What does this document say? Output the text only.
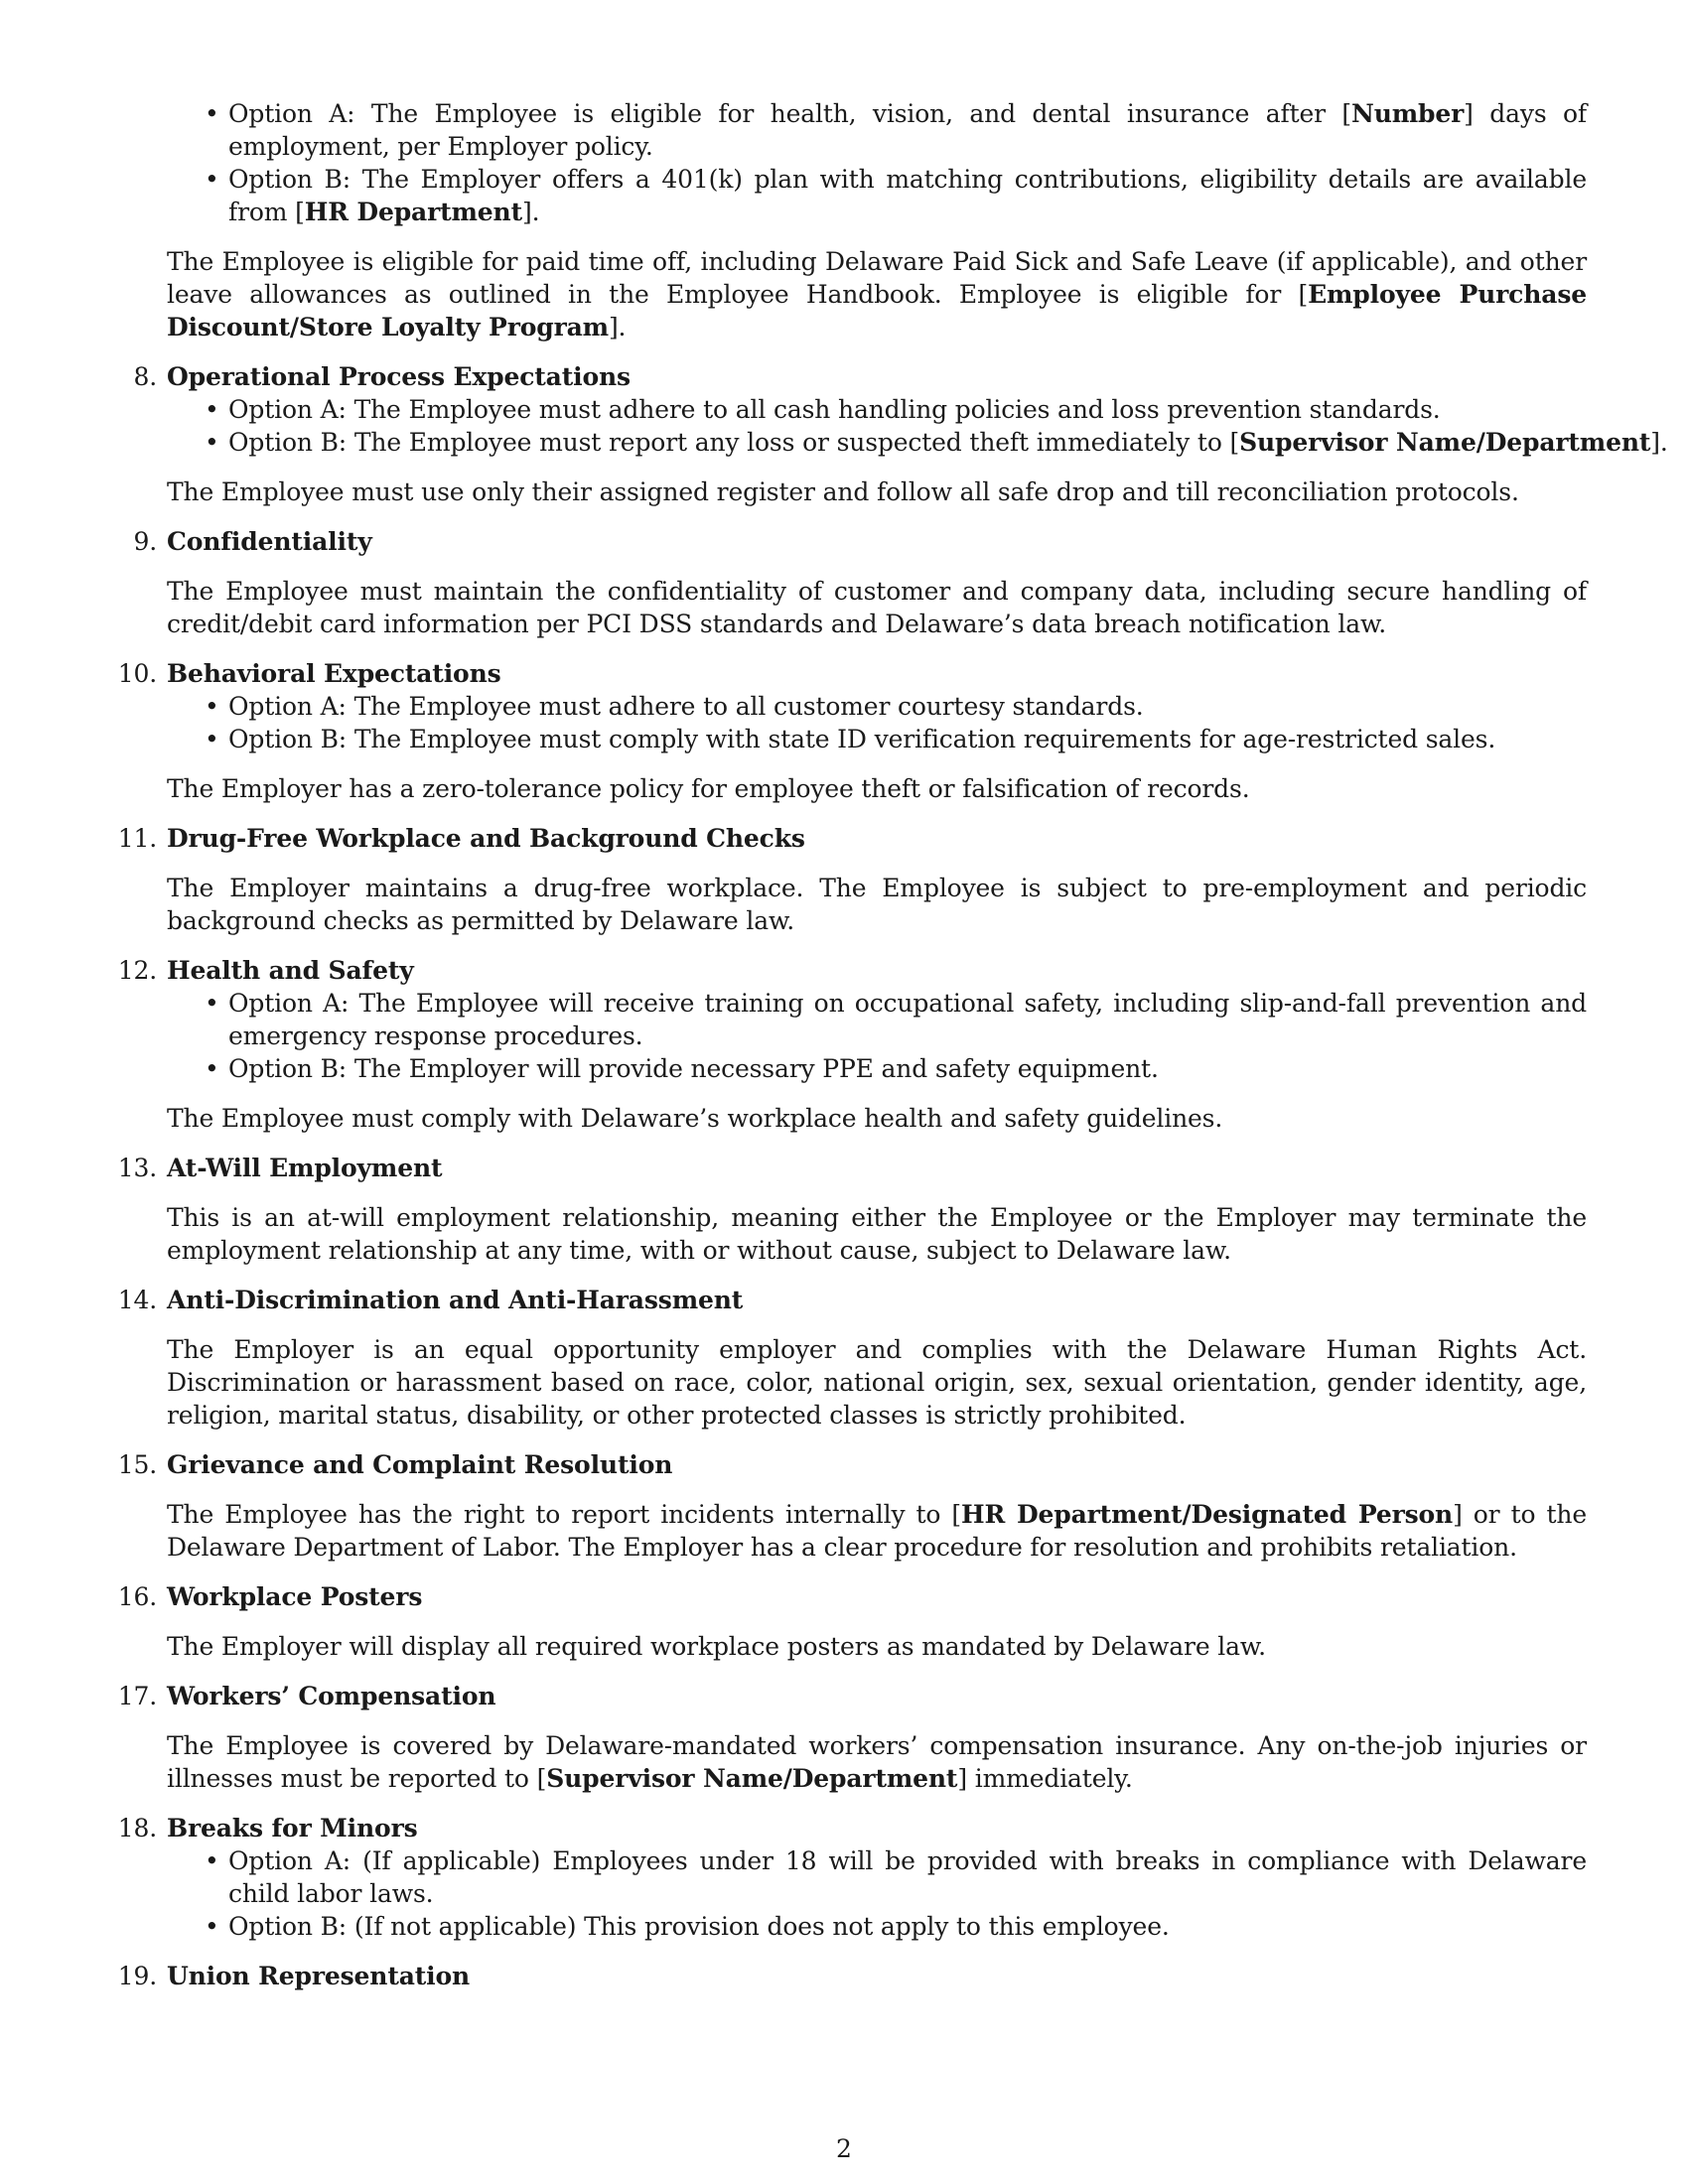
• Option A: The Employee is eligible for health, vision, and dental insurance after [Number] days of employment, per Employer policy.
• Option B: The Employer offers a 401(k) plan with matching contributions, eligibility details are available from [HR Department].

The Employee is eligible for paid time off, including Delaware Paid Sick and Safe Leave (if applicable), and other leave allowances as outlined in the Employee Handbook. Employee is eligible for [Employee Purchase Discount/Store Loyalty Program].

8. Operational Process Expectations

• Option A: The Employee must adhere to all cash handling policies and loss prevention standards.
• Option B: The Employee must report any loss or suspected theft immediately to [Supervisor Name/Department].

The Employee must use only their assigned register and follow all safe drop and till reconciliation protocols.

9. Confidentiality

The Employee must maintain the confidentiality of customer and company data, including secure handling of credit/debit card information per PCI DSS standards and Delaware’s data breach notification law.

10. Behavioral Expectations

• Option A: The Employee must adhere to all customer courtesy standards.
• Option B: The Employee must comply with state ID verification requirements for age-restricted sales.

The Employer has a zero-tolerance policy for employee theft or falsification of records.

11. Drug-Free Workplace and Background Checks

The Employer maintains a drug-free workplace. The Employee is subject to pre-employment and periodic background checks as permitted by Delaware law.

12. Health and Safety

• Option A: The Employee will receive training on occupational safety, including slip-and-fall prevention and emergency response procedures.
• Option B: The Employer will provide necessary PPE and safety equipment.

The Employee must comply with Delaware’s workplace health and safety guidelines.

13. At-Will Employment

This is an at-will employment relationship, meaning either the Employee or the Employer may terminate the employment relationship at any time, with or without cause, subject to Delaware law.

14. Anti-Discrimination and Anti-Harassment

The Employer is an equal opportunity employer and complies with the Delaware Human Rights Act. Discrimination or harassment based on race, color, national origin, sex, sexual orientation, gender identity, age, religion, marital status, disability, or other protected classes is strictly prohibited.

15. Grievance and Complaint Resolution

The Employee has the right to report incidents internally to [HR Department/Designated Person] or to the Delaware Department of Labor. The Employer has a clear procedure for resolution and prohibits retaliation.

16. Workplace Posters

The Employer will display all required workplace posters as mandated by Delaware law.

17. Workers’ Compensation

The Employee is covered by Delaware-mandated workers’ compensation insurance. Any on-the-job injuries or illnesses must be reported to [Supervisor Name/Department] immediately.

18. Breaks for Minors

• Option A: (If applicable) Employees under 18 will be provided with breaks in compliance with Delaware child labor laws.
• Option B: (If not applicable) This provision does not apply to this employee.

19. Union Representation

2
